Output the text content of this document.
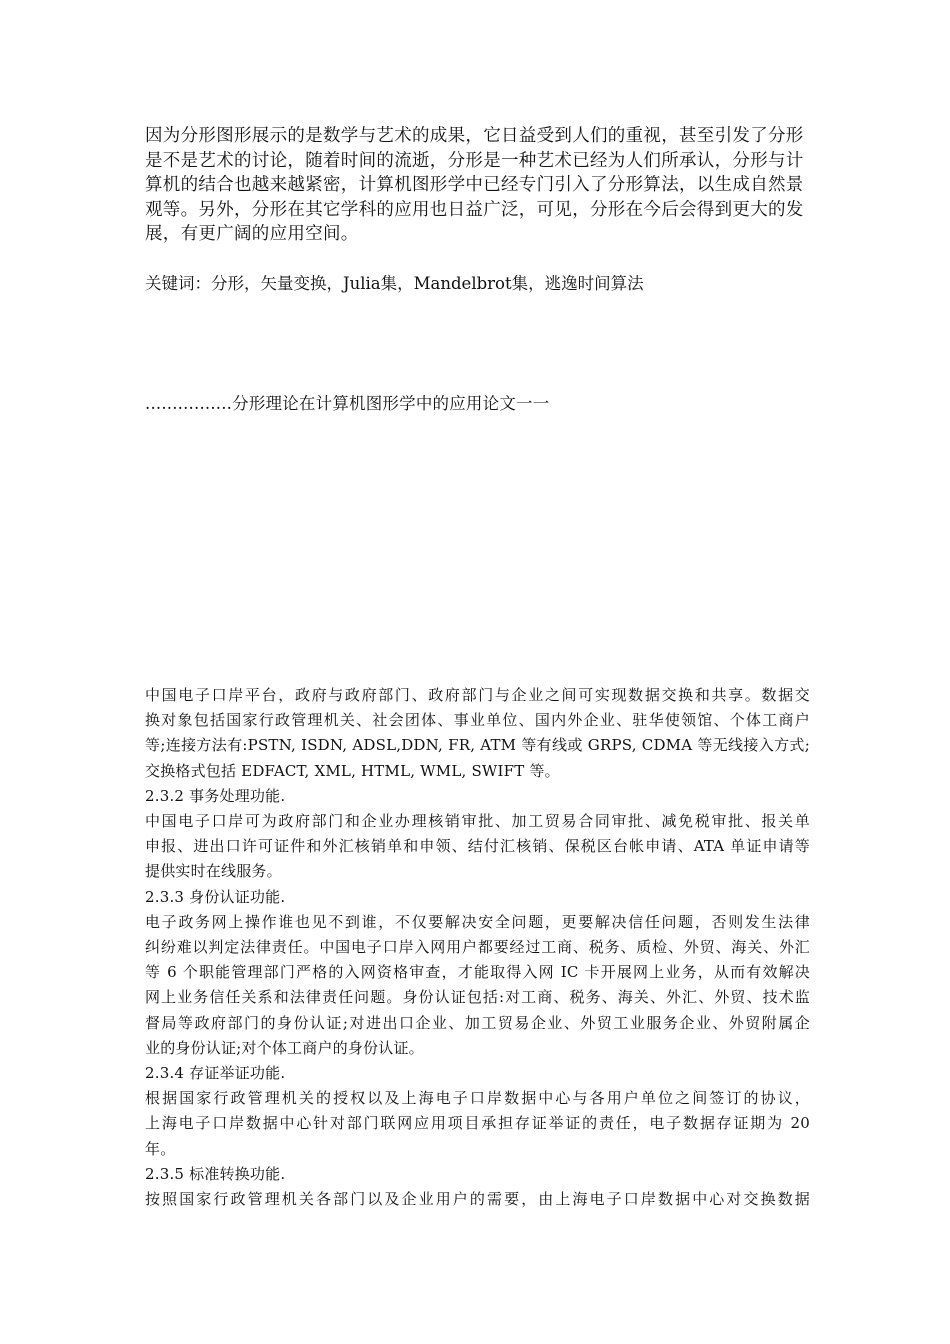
因为分形图形展示的是数学与艺术的成果，它日益受到人们的重视，甚至引发了分形是不是艺术的讨论，随着时间的流逝，分形是一种艺术已经为人们所承认，分形与计算机的结合也越来越紧密，计算机图形学中已经专门引入了分形算法，以生成自然景观等。另外，分形在其它学科的应用也日益广泛，可见，分形在今后会得到更大的发展，有更广阔的应用空间。

关键词：分形，矢量变换，Julia集，Mandelbrot集，逃逸时间算法
................分形理论在计算机图形学中的应用论文一一
中国电子口岸平台，政府与政府部门、政府部门与企业之间可实现数据交换和共享。数据交
换对象包括国家行政管理机关、社会团体、事业单位、国内外企业、驻华使领馆、个体工商户
等;连接方法有:PSTN, ISDN, ADSL,DDN, FR, ATM 等有线或 GRPS, CDMA 等无线接入方式;
交换格式包括 EDFACT, XML, HTML, WML, SWIFT 等。
2.3.2 事务处理功能.
中国电子口岸可为政府部门和企业办理核销审批、加工贸易合同审批、减免税审批、报关单
申报、进出口许可证件和外汇核销单和申领、结付汇核销、保税区台帐申请、ATA 单证申请等
提供实时在线服务。
2.3.3 身份认证功能.
电子政务网上操作谁也见不到谁，不仅要解决安全问题，更要解决信任问题，否则发生法律
纠纷难以判定法律责任。中国电子口岸入网用户都要经过工商、税务、质检、外贸、海关、外汇
等 6 个职能管理部门严格的入网资格审查，才能取得入网 IC 卡开展网上业务，从而有效解决
网上业务信任关系和法律责任问题。身份认证包括:对工商、税务、海关、外汇、外贸、技术监
督局等政府部门的身份认证;对进出口企业、加工贸易企业、外贸工业服务企业、外贸附属企
业的身份认证;对个体工商户的身份认证。
2.3.4 存证举证功能.
根据国家行政管理机关的授权以及上海电子口岸数据中心与各用户单位之间签订的协议，
上海电子口岸数据中心针对部门联网应用项目承担存证举证的责任，电子数据存证期为 20
年。
2.3.5 标准转换功能.
按照国家行政管理机关各部门以及企业用户的需要，由上海电子口岸数据中心对交换数据
